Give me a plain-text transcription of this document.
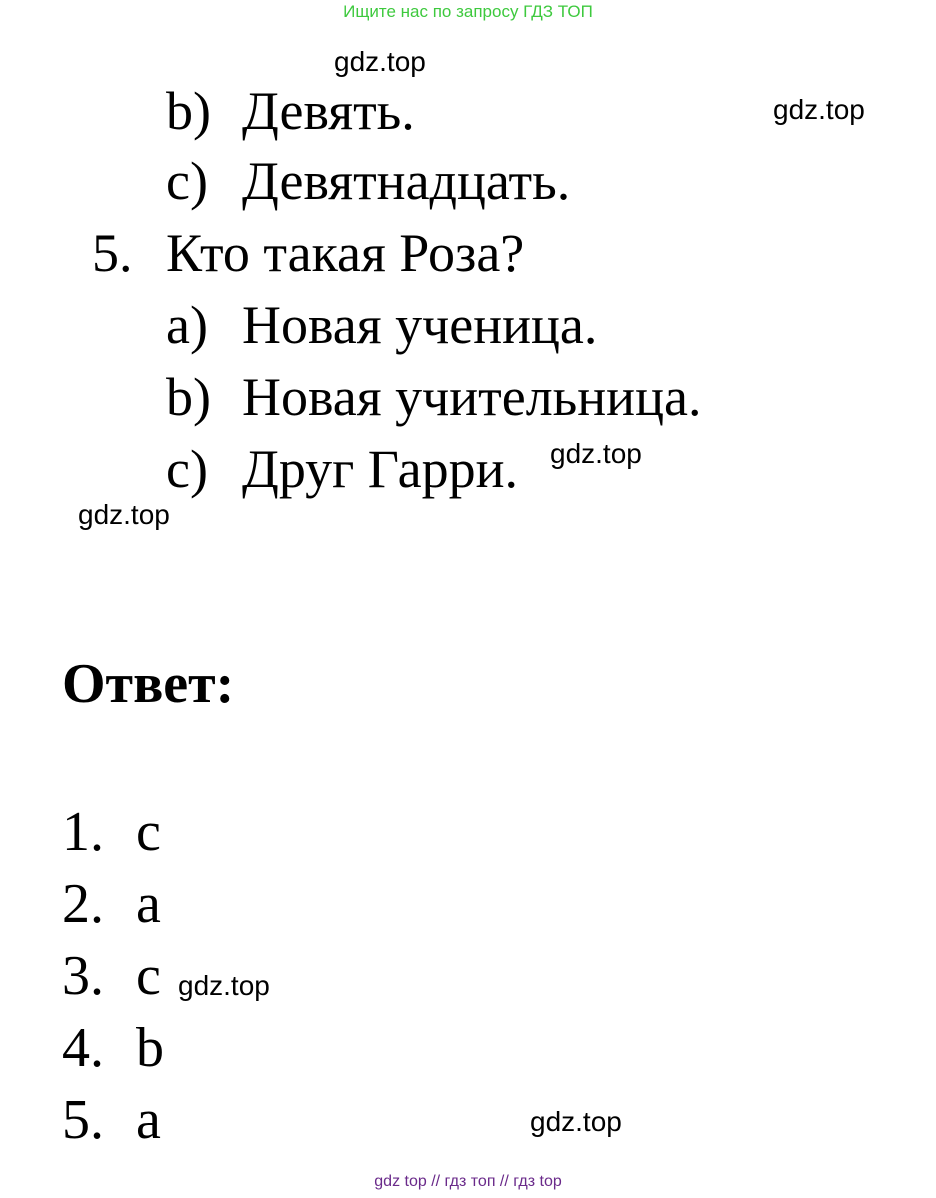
Ищите нас по запросу ГДЗ ТОП
gdz.top
gdz.top
gdz.top
gdz.top
gdz.top
gdz.top
b) Девять.
c) Девятнадцать.
5. Кто такая Роза?
a) Новая ученица.
b) Новая учительница.
c) Друг Гарри.
Ответ:
1. c
2. a
3. c
4. b
5. a
gdz top // гдз топ // гдз top
